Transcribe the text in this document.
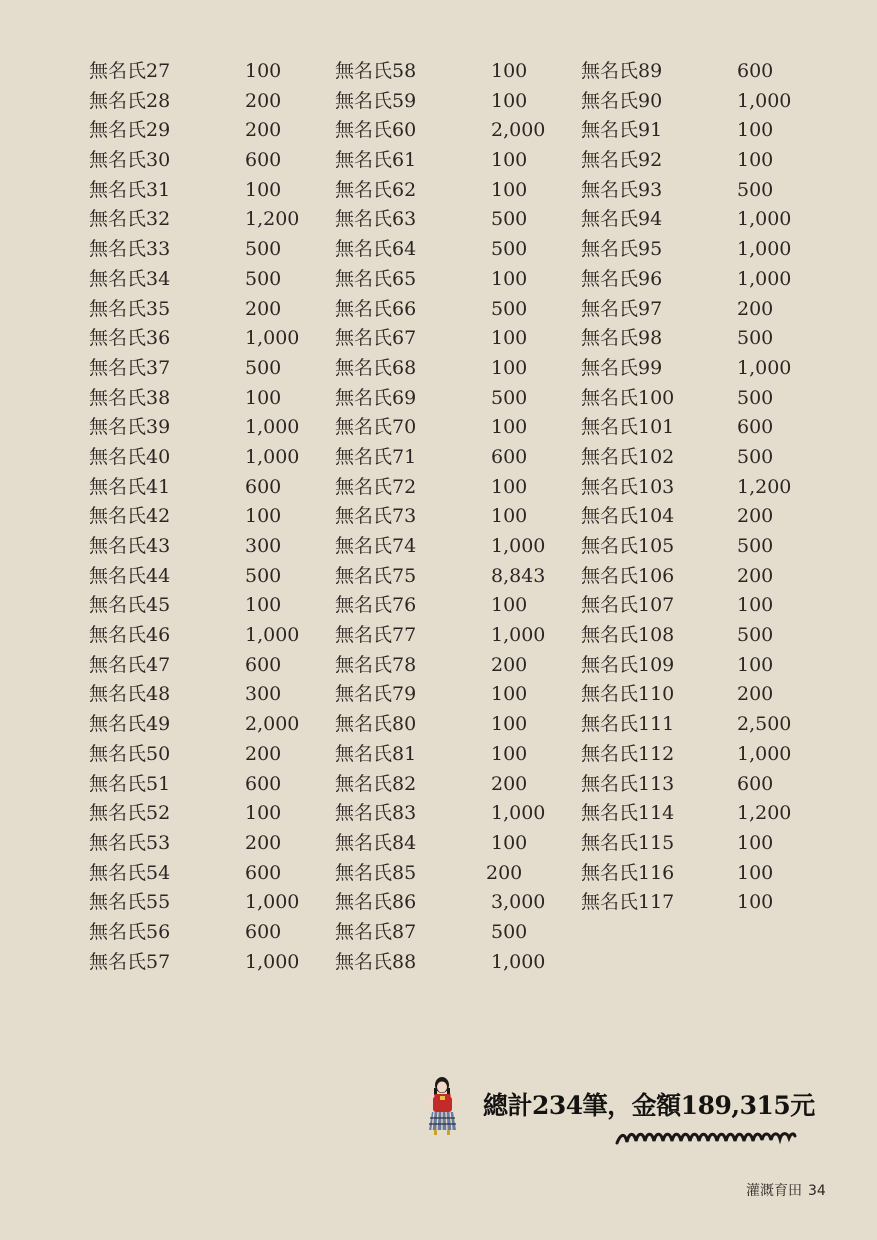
無名氏27	100
無名氏28	200
無名氏29	200
無名氏30	600
無名氏31	100
無名氏32	1,200
無名氏33	500
無名氏34	500
無名氏35	200
無名氏36	1,000
無名氏37	500
無名氏38	100
無名氏39	1,000
無名氏40	1,000
無名氏41	600
無名氏42	100
無名氏43	300
無名氏44	500
無名氏45	100
無名氏46	1,000
無名氏47	600
無名氏48	300
無名氏49	2,000
無名氏50	200
無名氏51	600
無名氏52	100
無名氏53	200
無名氏54	600
無名氏55	1,000
無名氏56	600
無名氏57	1,000
無名氏58	100
無名氏59	100
無名氏60	2,000
無名氏61	100
無名氏62	100
無名氏63	500
無名氏64	500
無名氏65	100
無名氏66	500
無名氏67	100
無名氏68	100
無名氏69	500
無名氏70	100
無名氏71	600
無名氏72	100
無名氏73	100
無名氏74	1,000
無名氏75	8,843
無名氏76	100
無名氏77	1,000
無名氏78	200
無名氏79	100
無名氏80	100
無名氏81	100
無名氏82	200
無名氏83	1,000
無名氏84	100
無名氏85	200
無名氏86	3,000
無名氏87	500
無名氏88	1,000
無名氏89	600
無名氏90	1,000
無名氏91	100
無名氏92	100
無名氏93	500
無名氏94	1,000
無名氏95	1,000
無名氏96	1,000
無名氏97	200
無名氏98	500
無名氏99	1,000
無名氏100	500
無名氏101	600
無名氏102	500
無名氏103	1,200
無名氏104	200
無名氏105	500
無名氏106	200
無名氏107	100
無名氏108	500
無名氏109	100
無名氏110	200
無名氏111	2,500
無名氏112	1,000
無名氏113	600
無名氏114	1,200
無名氏115	100
無名氏116	100
無名氏117	100
總計234筆，金額189,315元
灌溉育田 34
